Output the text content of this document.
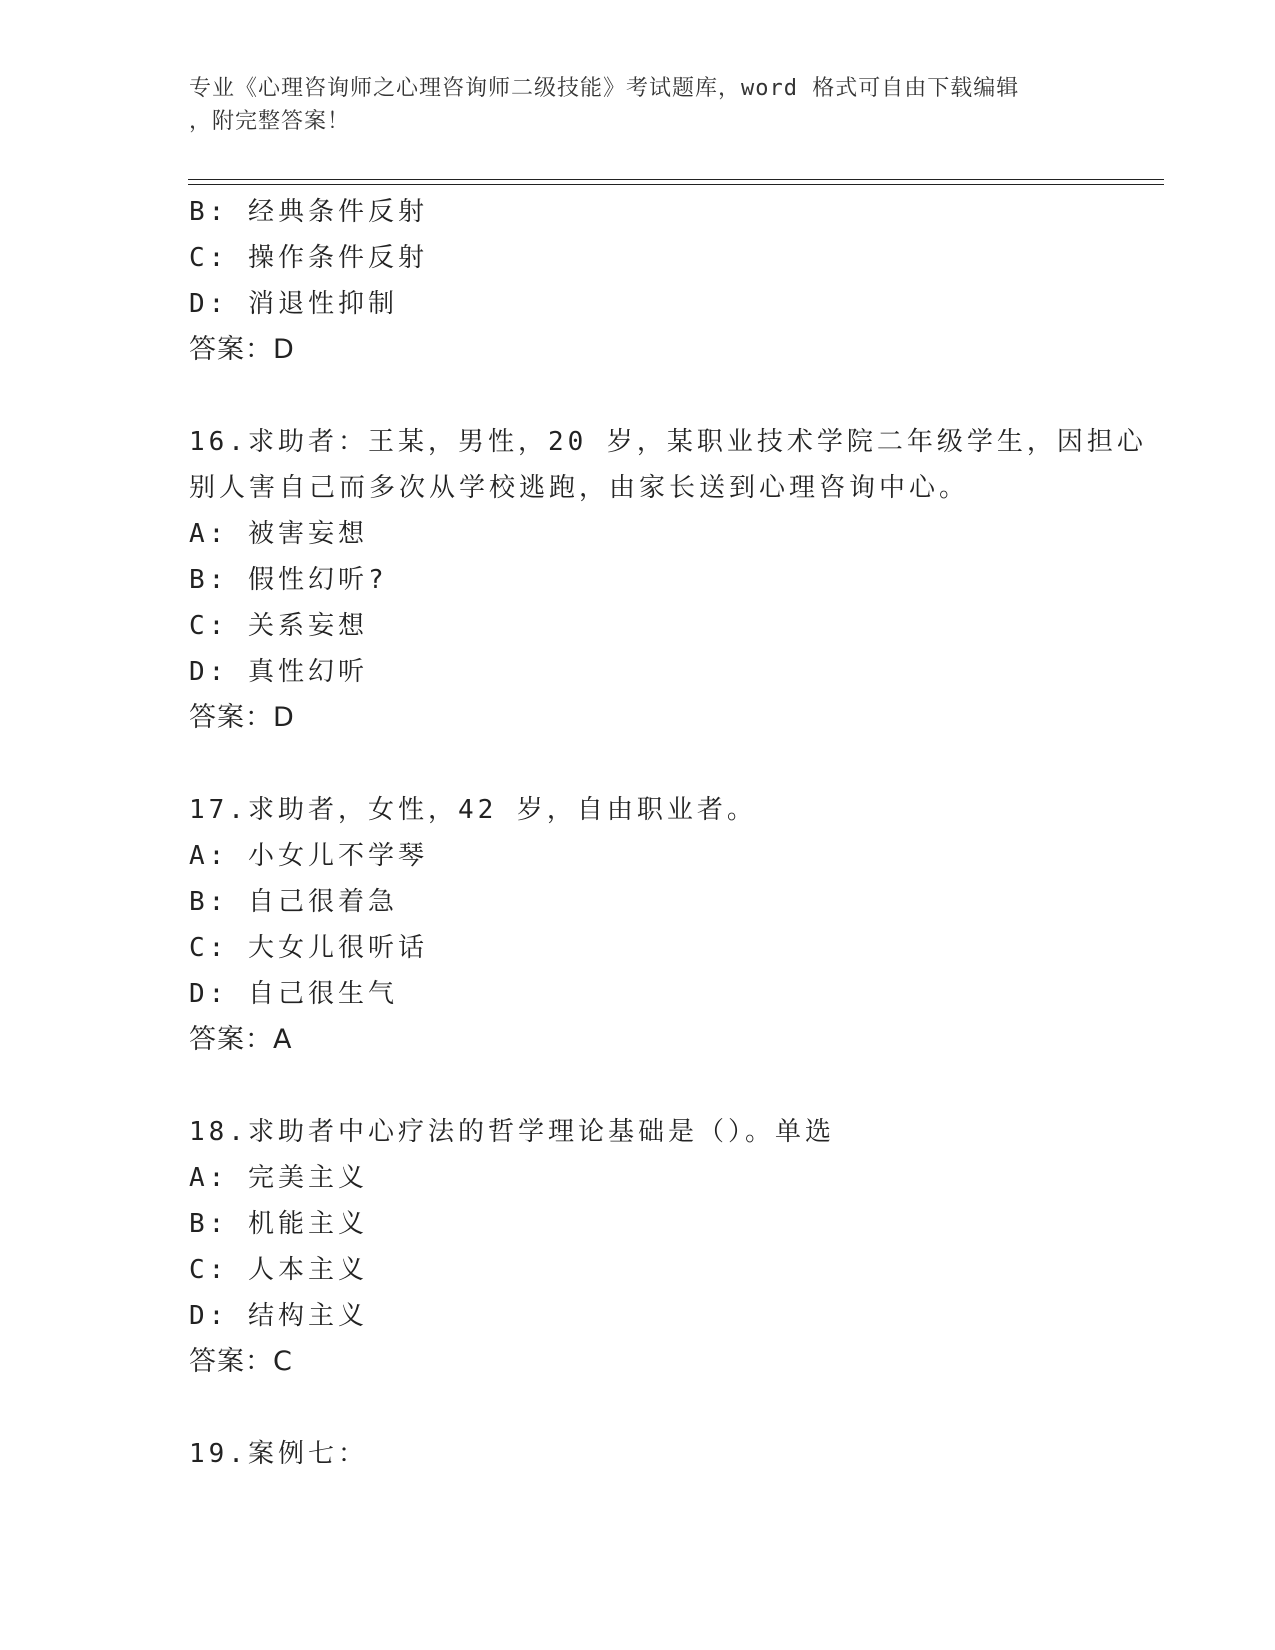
专业《心理咨询师之心理咨询师二级技能》考试题库，word 格式可自由下载编辑
，附完整答案！
B: 经典条件反射
C: 操作条件反射
D: 消退性抑制
答案：D
16.求助者：王某，男性，20 岁，某职业技术学院二年级学生，因担心
别人害自己而多次从学校逃跑，由家长送到心理咨询中心。
A: 被害妄想
B: 假性幻听?
C: 关系妄想
D: 真性幻听
答案：D
17.求助者，女性，42 岁，自由职业者。
A: 小女儿不学琴
B: 自己很着急
C: 大女儿很听话
D: 自己很生气
答案：A
18.求助者中心疗法的哲学理论基础是（）。单选
A: 完美主义
B: 机能主义
C: 人本主义
D: 结构主义
答案：C
19.案例七：
